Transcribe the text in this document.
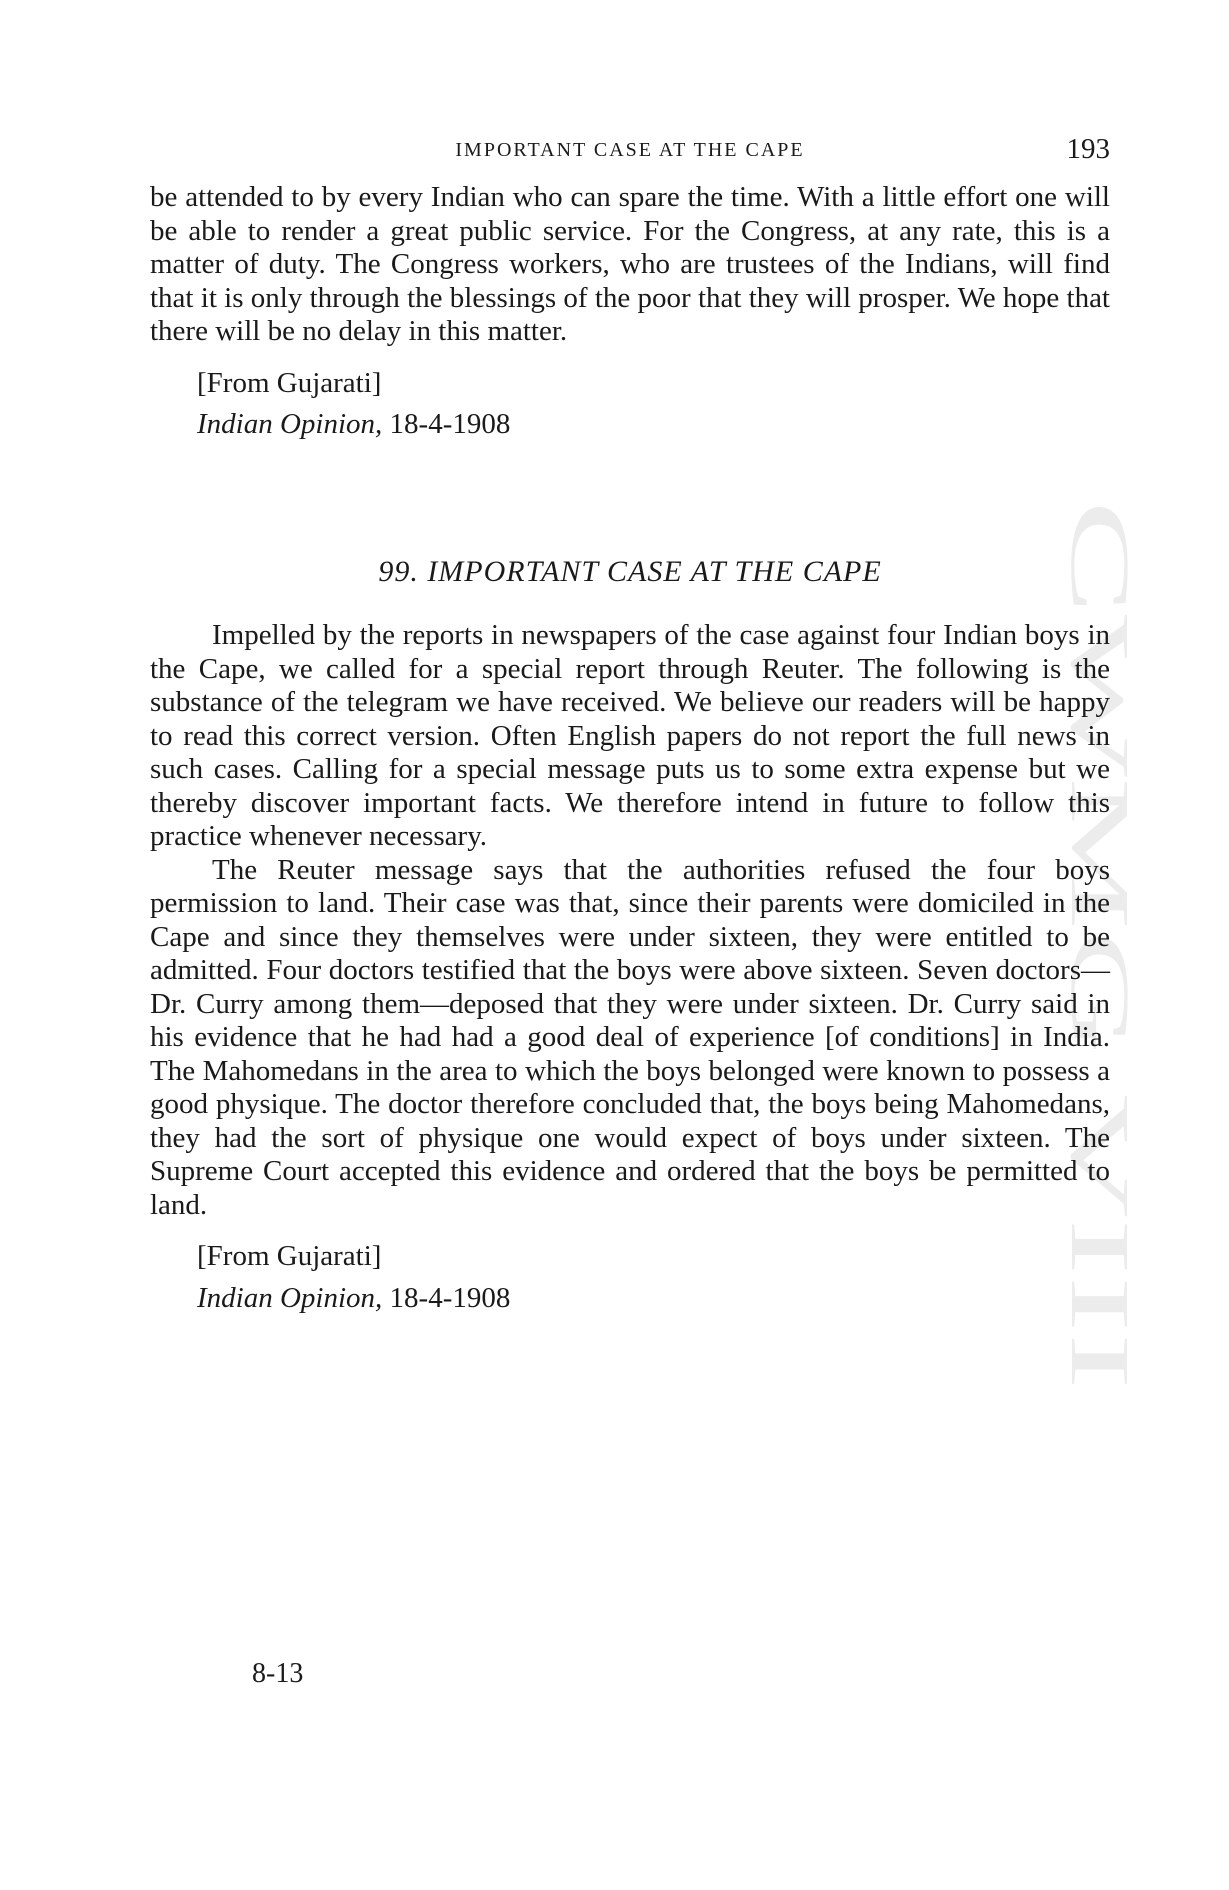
IMPORTANT CASE AT THE CAPE	193
CWMG VIII

be attended to by every Indian who can spare the time. With a little effort one will be able to render a great public service. For the Congress, at any rate, this is a matter of duty. The Congress workers, who are trustees of the Indians, will find that it is only through the blessings of the poor that they will prosper. We hope that there will be no delay in this matter.

[From Gujarati]

Indian Opinion, 18-4-1908

99. IMPORTANT CASE AT THE CAPE

Impelled by the reports in newspapers of the case against four Indian boys in the Cape, we called for a special report through Reuter. The following is the substance of the telegram we have received. We believe our readers will be happy to read this correct version. Often English papers do not report the full news in such cases. Calling for a special message puts us to some extra expense but we thereby discover important facts. We therefore intend in future to follow this practice whenever necessary.

The Reuter message says that the authorities refused the four boys permission to land. Their case was that, since their parents were domiciled in the Cape and since they themselves were under sixteen, they were entitled to be admitted. Four doctors testified that the boys were above sixteen. Seven doctors—Dr. Curry among them—deposed that they were under sixteen. Dr. Curry said in his evidence that he had had a good deal of experience [of conditions] in India. The Mahomedans in the area to which the boys belonged were known to possess a good physique. The doctor therefore concluded that, the boys being Mahomedans, they had the sort of physique one would expect of boys under sixteen. The Supreme Court accepted this evidence and ordered that the boys be permitted to land.

[From Gujarati]

Indian Opinion, 18-4-1908

8-13
